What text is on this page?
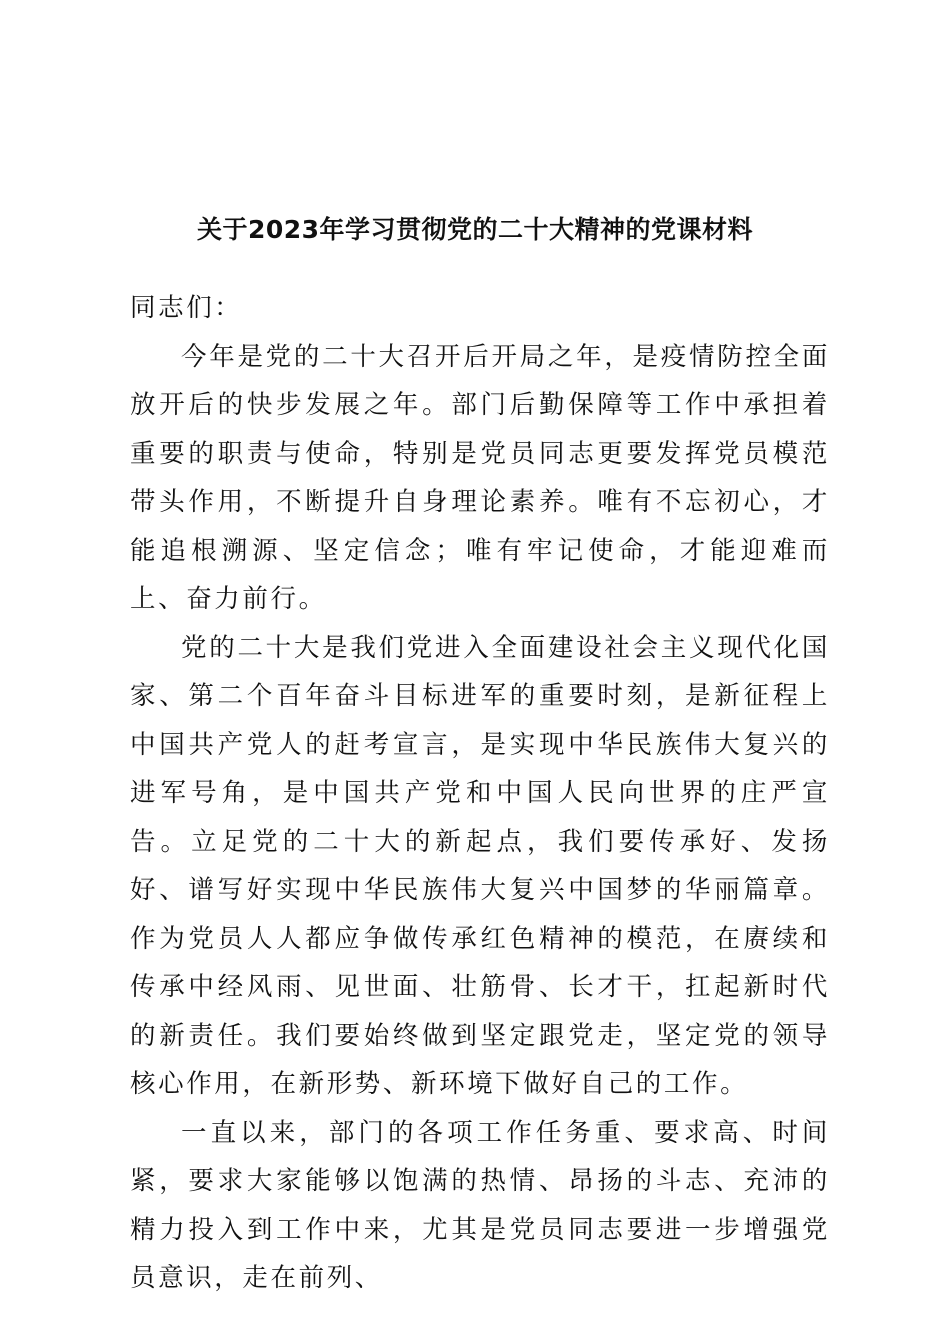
关于2023年学习贯彻党的二十大精神的党课材料

同志们：

今年是党的二十大召开后开局之年，是疫情防控全面放开后的快步发展之年。部门后勤保障等工作中承担着重要的职责与使命，特别是党员同志更要发挥党员模范带头作用，不断提升自身理论素养。唯有不忘初心，才能追根溯源、坚定信念；唯有牢记使命，才能迎难而上、奋力前行。

党的二十大是我们党进入全面建设社会主义现代化国家、第二个百年奋斗目标进军的重要时刻，是新征程上中国共产党人的赶考宣言，是实现中华民族伟大复兴的进军号角，是中国共产党和中国人民向世界的庄严宣告。立足党的二十大的新起点，我们要传承好、发扬好、谱写好实现中华民族伟大复兴中国梦的华丽篇章。作为党员人人都应争做传承红色精神的模范，在赓续和传承中经风雨、见世面、壮筋骨、长才干，扛起新时代的新责任。我们要始终做到坚定跟党走，坚定党的领导核心作用，在新形势、新环境下做好自己的工作。

一直以来，部门的各项工作任务重、要求高、时间紧，要求大家能够以饱满的热情、昂扬的斗志、充沛的精力投入到工作中来，尤其是党员同志要进一步增强党员意识，走在前列、
